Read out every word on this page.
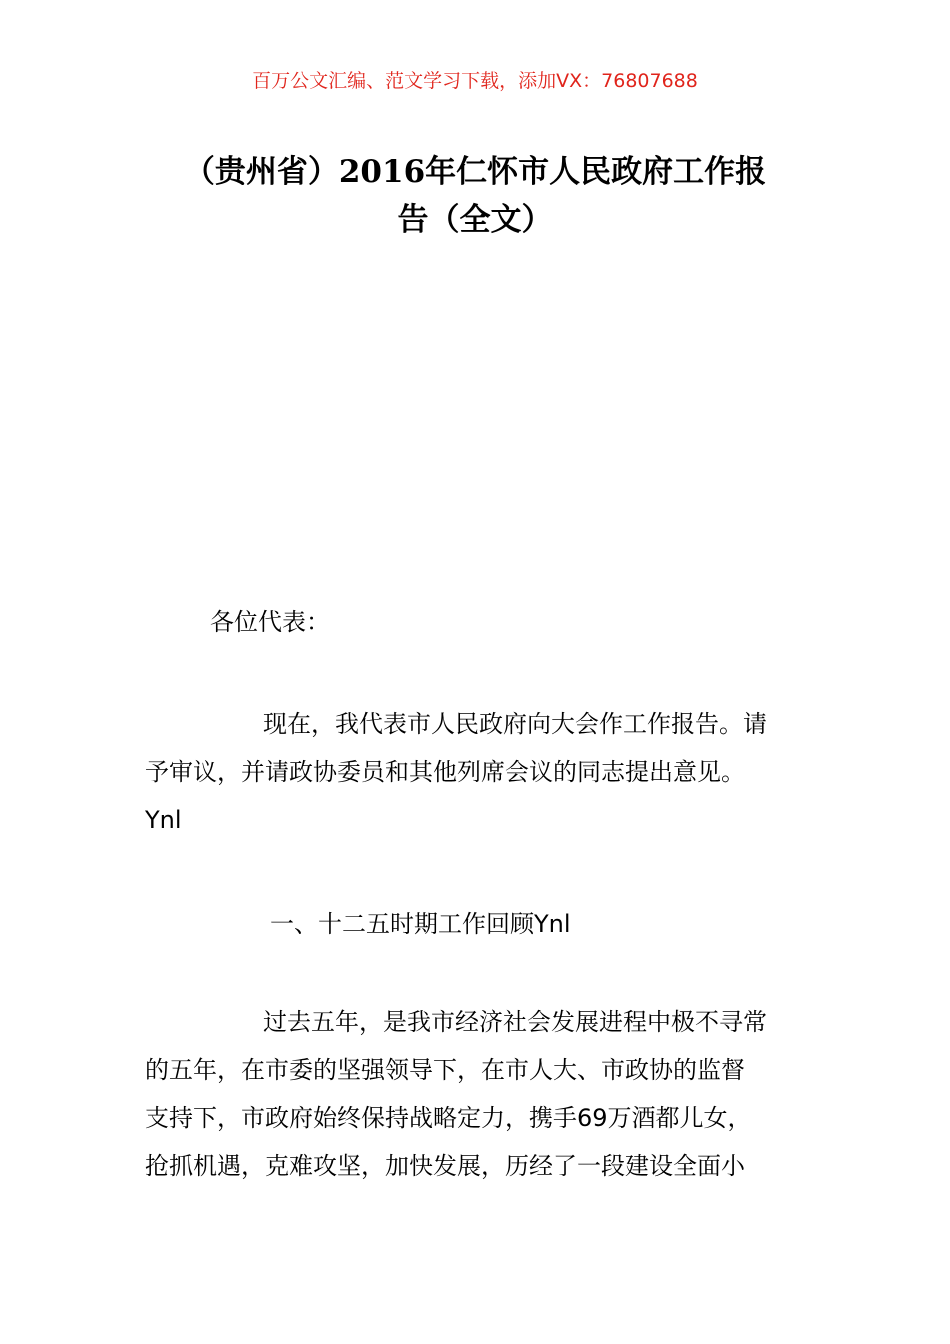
百万公文汇编、范文学习下载，添加VX：76807688
（贵州省）2016年仁怀市人民政府工作报
告（全文）
各位代表：
现在，我代表市人民政府向大会作工作报告。请
予审议，并请政协委员和其他列席会议的同志提出意见。
Ynl
一、十二五时期工作回顾Ynl
过去五年，是我市经济社会发展进程中极不寻常
的五年，在市委的坚强领导下，在市人大、市政协的监督
支持下，市政府始终保持战略定力，携手69万酒都儿女，
抢抓机遇，克难攻坚，加快发展，历经了一段建设全面小
